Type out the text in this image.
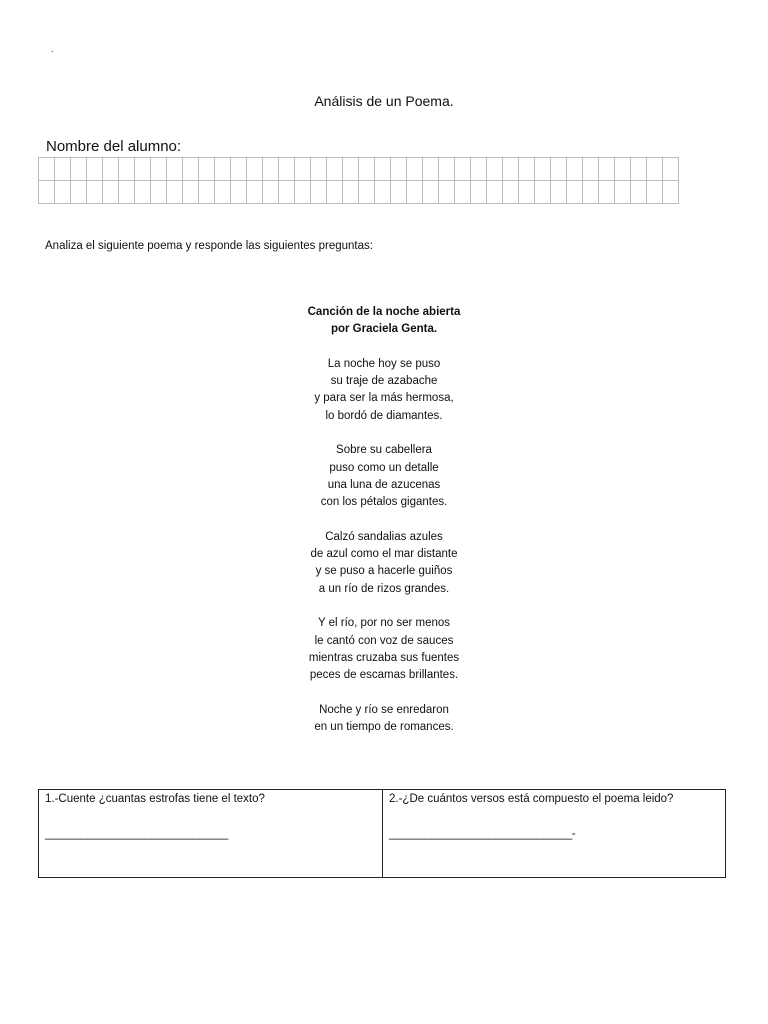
.
Análisis de un Poema.
Nombre del alumno:
Analiza el siguiente poema y responde las siguientes preguntas:
Canción de la noche abierta
por Graciela Genta.
La noche hoy se puso
su traje de azabache
y para ser la más hermosa,
lo bordó de diamantes.
Sobre su cabellera
puso como un detalle
una luna de azucenas
con los pétalos gigantes.
Calzó sandalias azules
de azul como el mar distante
y se puso a hacerle guiños
a un río de rizos grandes.
Y el río, por no ser menos
le cantó con voz de sauces
mientras cruzaba sus fuentes
peces de escamas brillantes.
Noche y río se enredaron
en un tiempo de romances.
1.-Cuente ¿cuantas estrofas tiene el texto?
_______________________________
2.-¿De cuántos versos está compuesto el poema leido?
_______________________________-
